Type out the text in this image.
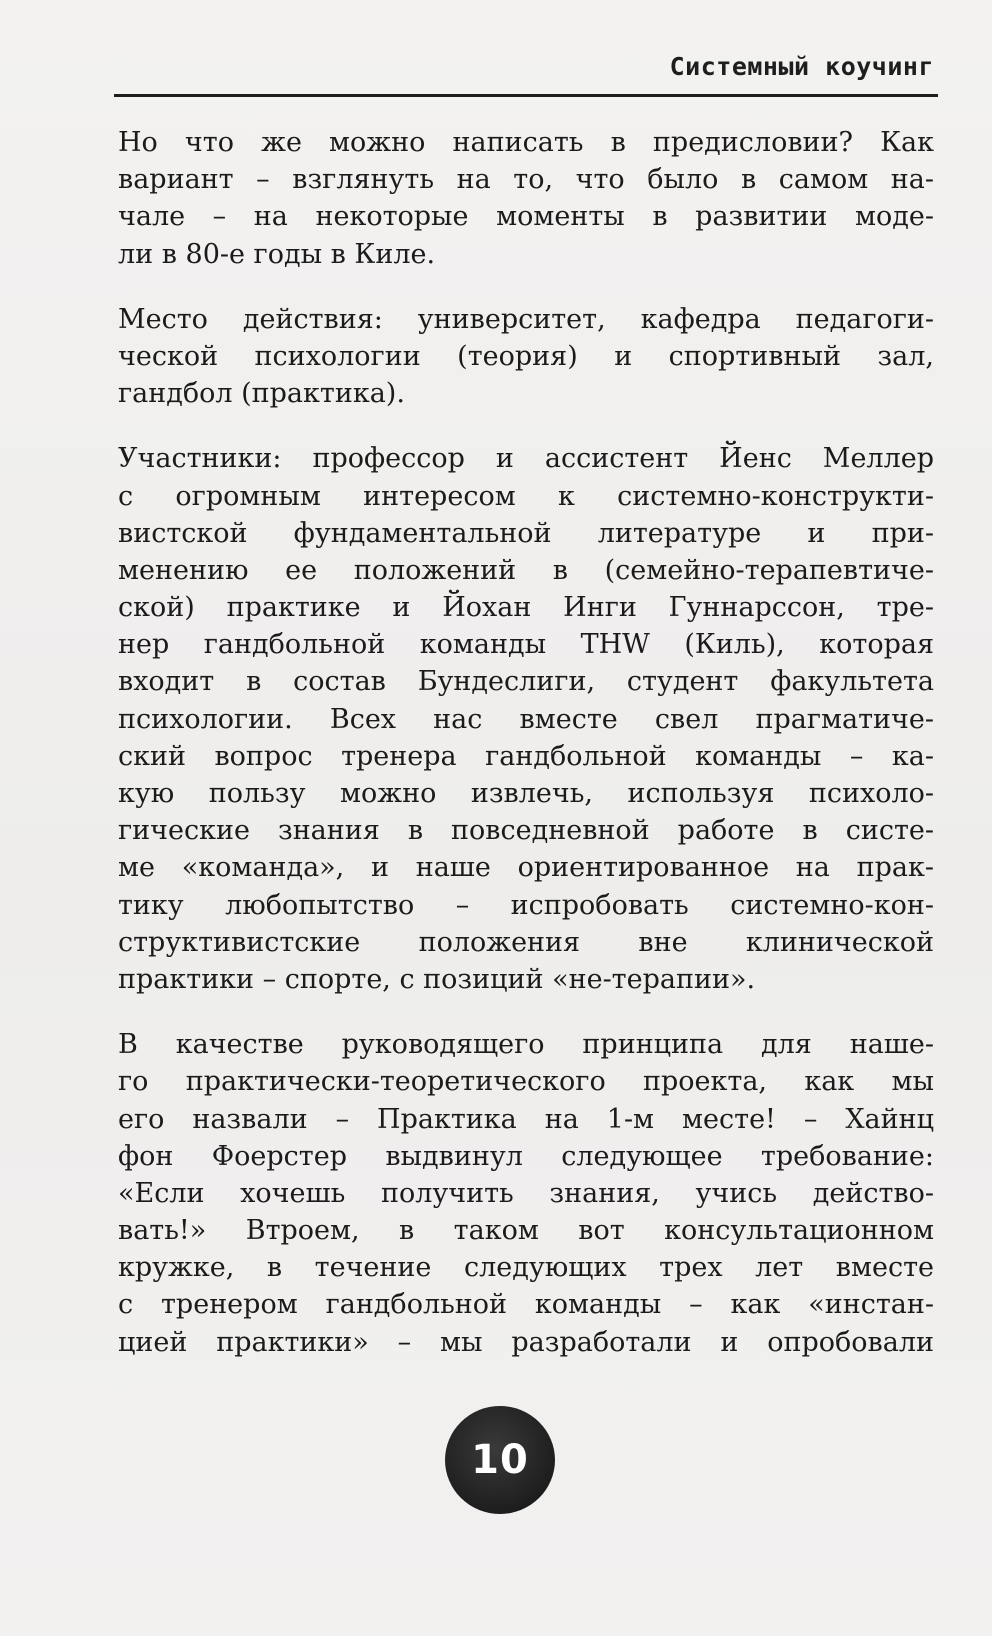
Системный коучинг
Но что же можно написать в предисловии? Как
вариант – взглянуть на то, что было в самом на-
чале – на некоторые моменты в развитии моде-
ли в 80-е годы в Киле.
Место действия: университет, кафедра педагоги-
ческой психологии (теория) и спортивный зал,
гандбол (практика).
Участники: профессор и ассистент Йенс Меллер
с огромным интересом к системно-конструкти-
вистской фундаментальной литературе и при-
менению ее положений в (семейно-терапевтиче-
ской) практике и Йохан Инги Гуннарссон, тре-
нер гандбольной команды THW (Киль), которая
входит в состав Бундеслиги, студент факультета
психологии. Всех нас вместе свел прагматиче-
ский вопрос тренера гандбольной команды – ка-
кую пользу можно извлечь, используя психоло-
гические знания в повседневной работе в систе-
ме «команда», и наше ориентированное на прак-
тику любопытство – испробовать системно-кон-
структивистские положения вне клинической
практики – спорте, с позиций «не-терапии».
В качестве руководящего принципа для наше-
го практически-теоретического проекта, как мы
его назвали – Практика на 1-м месте! – Хайнц
фон Фоерстер выдвинул следующее требование:
«Если хочешь получить знания, учись действо-
вать!» Втроем, в таком вот консультационном
кружке, в течение следующих трех лет вместе
с тренером гандбольной команды – как «инстан-
цией практики» – мы разработали и опробовали
10
